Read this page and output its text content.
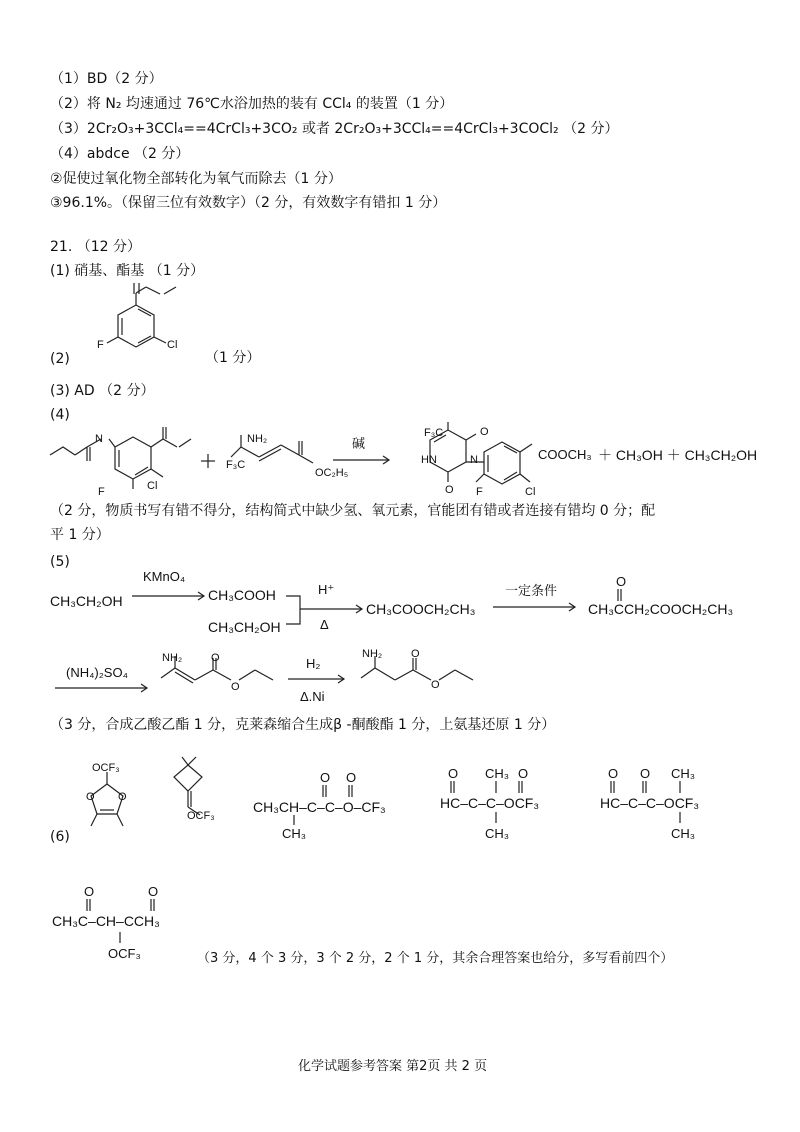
（1）BD（2 分）
（2）将 N₂ 均速通过 76℃水浴加热的装有 CCl₄ 的装置（1 分）
（3）2Cr₂O₃+3CCl₄==4CrCl₃+3CO₂ 或者 2Cr₂O₃+3CCl₄==4CrCl₃+3COCl₂ （2 分）
（4）abdce （2 分）
②促使过氧化物全部转化为氧气而除去（1 分）
③96.1%。（保留三位有效数字）（2 分，有效数字有错扣 1 分）
21. （12 分）
(1) 硝基、酯基 （1 分）
(2)
F	Cl
（1 分）
(3) AD （2 分）
(4)
N
F	Cl
NH₂
F₃C
OC₂H₅
碱
F₃C	O
HN	N
O F	Cl
COOCH₃ ＋ CH₃OH ＋ CH₃CH₂OH
（2 分，物质书写有错不得分，结构简式中缺少氢、氧元素，官能团有错或者连接有错均 0 分；配
平 1 分）
(5)
CH₃CH₂OH
KMnO₄
CH₃COOH
CH₃CH₂OH
H⁺
Δ
CH₃COOCH₂CH₃
一定条件
O
CH₃CCH₂COOCH₂CH₃
(NH₄)₂SO₄
NH₂	O
O
H₂
Δ.Ni
NH₂	O
O
（3 分，合成乙酸乙酯 1 分，克莱森缩合生成β -酮酸酯 1 分，上氨基还原 1 分）
(6)
OCF₃
O O
OCF₃
O O
CH₃CH–C–C–O–CF₃
CH₃
O CH₃ O
HC–C–C–OCF₃
CH₃
O O CH₃
HC–C–C–OCF₃
CH₃
O	O
CH₃C–CH–CCH₃
OCF₃	（3 分，4 个 3 分，3 个 2 分，2 个 1 分，其余合理答案也给分，多写看前四个）
化学试题参考答案 第2页 共 2 页
